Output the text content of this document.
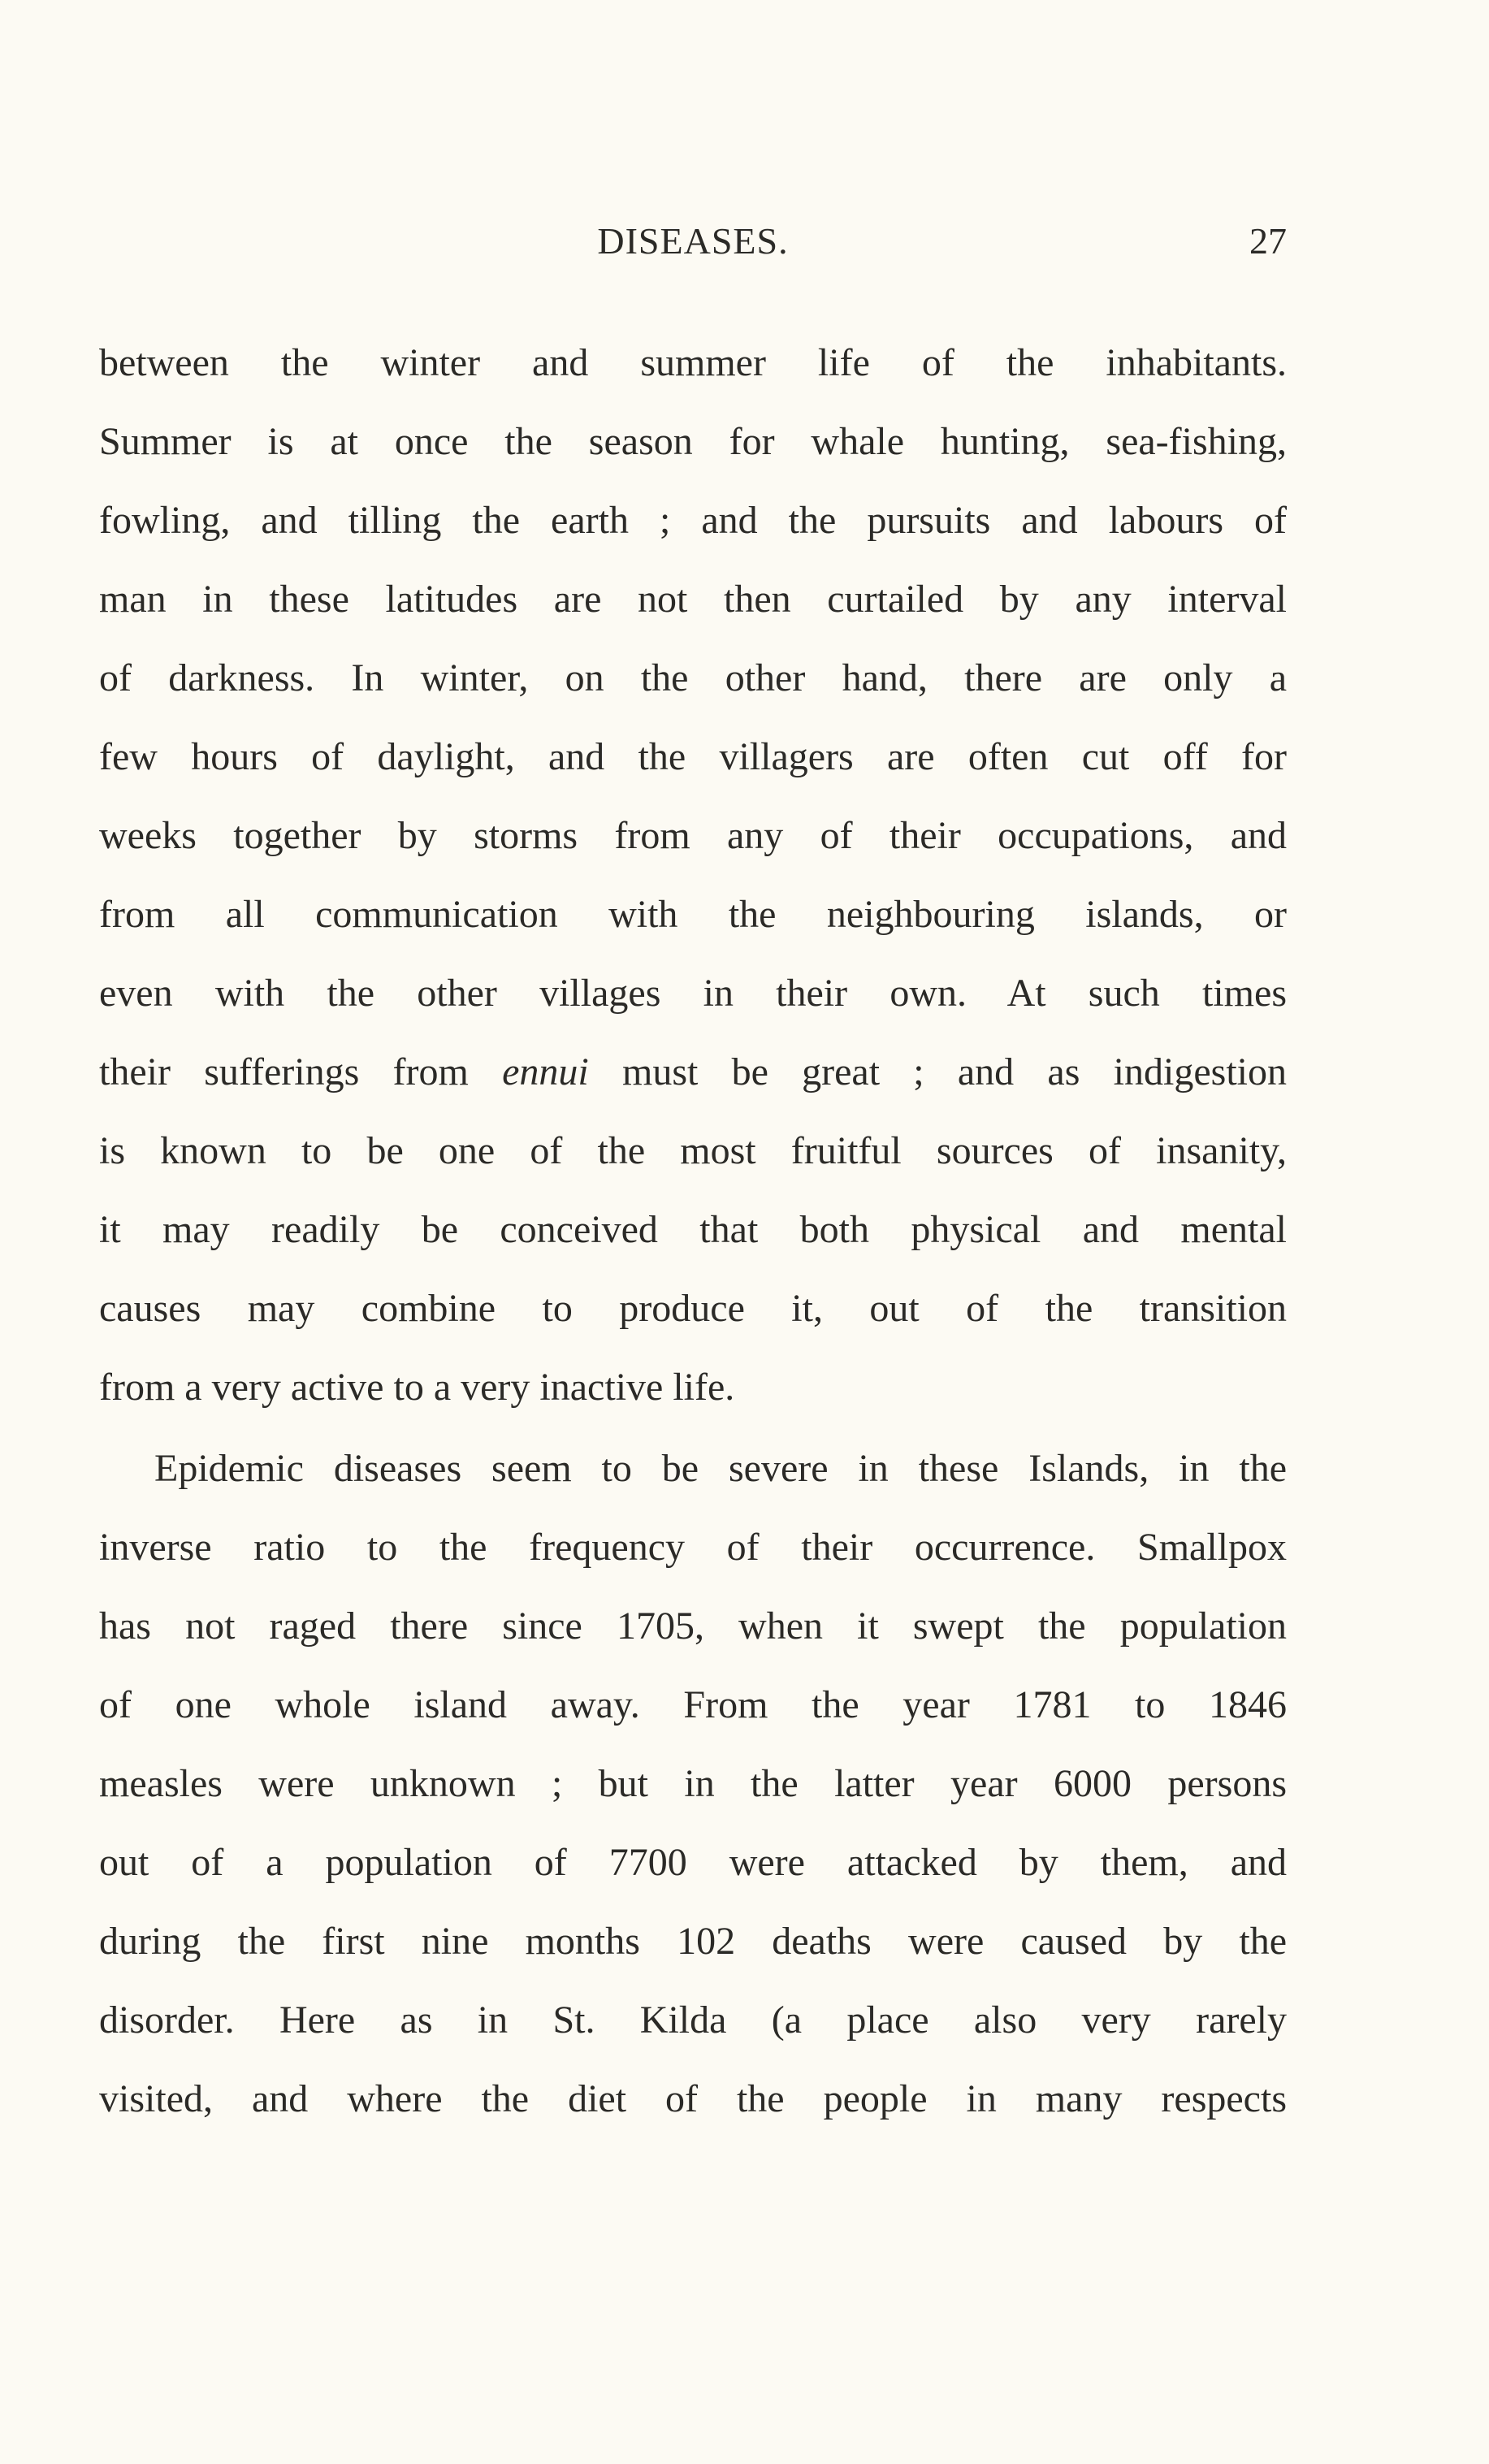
DISEASES.	27
between the winter and summer life of the inhabitants.
Summer is at once the season for whale hunting, sea-fishing,
fowling, and tilling the earth ; and the pursuits and labours of
man in these latitudes are not then curtailed by any interval
of darkness. In winter, on the other hand, there are only a
few hours of daylight, and the villagers are often cut off for
weeks together by storms from any of their occupations, and
from all communication with the neighbouring islands, or
even with the other villages in their own. At such times
their sufferings from ennui must be great ; and as indigestion
is known to be one of the most fruitful sources of insanity,
it may readily be conceived that both physical and mental
causes may combine to produce it, out of the transition
from a very active to a very inactive life.
Epidemic diseases seem to be severe in these Islands, in the
inverse ratio to the frequency of their occurrence. Smallpox
has not raged there since 1705, when it swept the population
of one whole island away. From the year 1781 to 1846
measles were unknown ; but in the latter year 6000 persons
out of a population of 7700 were attacked by them, and
during the first nine months 102 deaths were caused by the
disorder. Here as in St. Kilda (a place also very rarely
visited, and where the diet of the people in many respects
